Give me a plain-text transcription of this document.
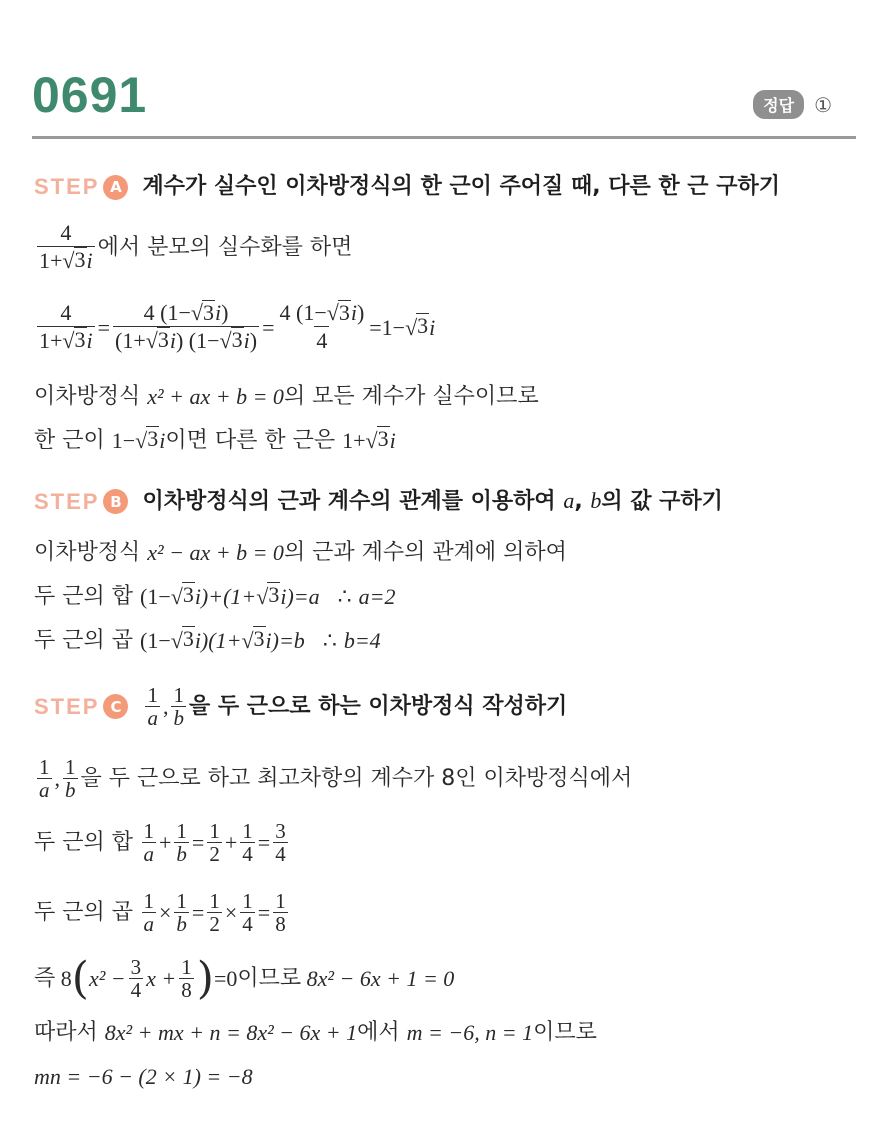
0691	정답	①
STEP A 계수가 실수인 이차방정식의 한 근이 주어질 때, 다른 한 근 구하기
$\frac{4}{1+ √ 3 i}$ 에서 분모의 실수화를 하면
$\frac{4}{1+ √ 3 i} = \frac{4 (1- √ 3 i)}{(1+ √ 3 i) (1- √ 3 i)} = \frac{4 (1- √ 3 i)}{4} =1-$ √ 3 i
이차방정식
x² + ax + b = 0 의 모든 계수가 실수이므로
한 근이
1− √ 3 i 이면 다른 한 근은
1+ √ 3 i
STEP B 이차방정식의 근과 계수의 관계를 이용하여 a, b의 값 구하기
이차방정식
x² − ax + b = 0 의 근과 계수의 관계에 의하여
두 근의 합
(1− √ 3 i)+(1+ √ 3 i)=a ∴
a=2
두 근의 곱
(1− √ 3 i)(1+ √ 3 i)=b ∴
b=4
STEP C	$\frac{1}{a}$ , $\frac{1}{b}$ 을 두 근으로 하는 이차방정식 작성하기
$\frac{1}{a}$ , $\frac{1}{b}$ 을 두 근으로 하고 최고차항의 계수가 8인 이차방정식에서
두 근의 합
$\frac{1}{a} + \frac{1}{b} = \frac{1}{2} + \frac{1}{4} = \frac{3}{4}$
두 근의 곱
$\frac{1}{a} \times \frac{1}{b} = \frac{1}{2} \times \frac{1}{4} = \frac{1}{8}$
즉
8 ( $x^2 - \frac{3}{4}$ $x + \frac{1}{8}$ ) =0 이므로
8x² − 6x + 1 = 0
따라서
8x² + mx + n = 8x² − 6x + 1 에서
m = −6, n = 1 이므로
mn = −6 − (2 × 1) = −8
